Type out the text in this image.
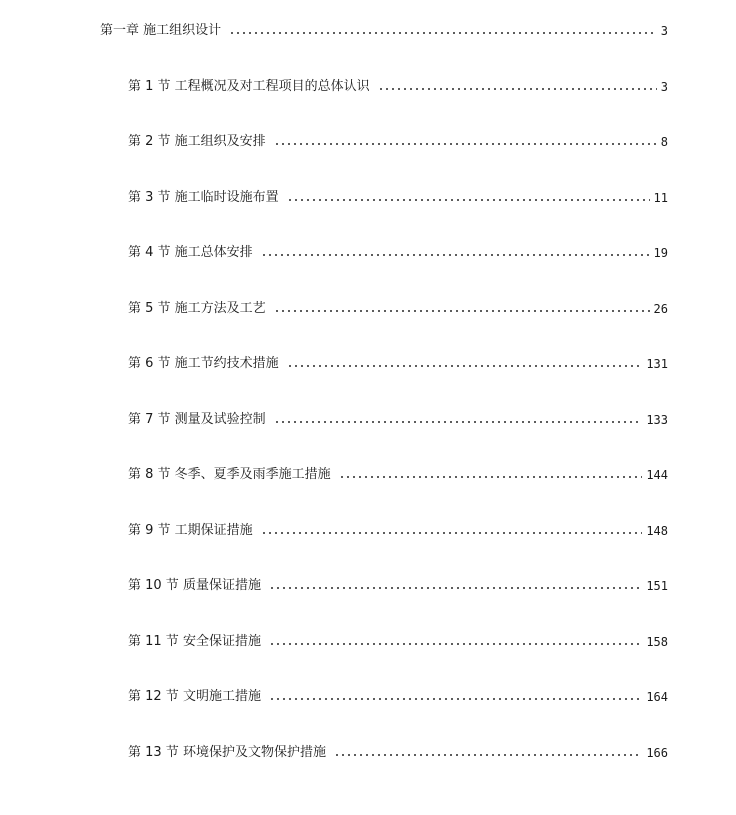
第一章 施工组织设计	3
第 1 节 工程概况及对工程项目的总体认识	3
第 2 节 施工组织及安排	8
第 3 节 施工临时设施布置	11
第 4 节 施工总体安排	19
第 5 节 施工方法及工艺	26
第 6 节 施工节约技术措施	131
第 7 节 测量及试验控制	133
第 8 节 冬季、夏季及雨季施工措施	144
第 9 节 工期保证措施	148
第 10 节 质量保证措施	151
第 11 节 安全保证措施	158
第 12 节 文明施工措施	164
第 13 节 环境保护及文物保护措施	166
